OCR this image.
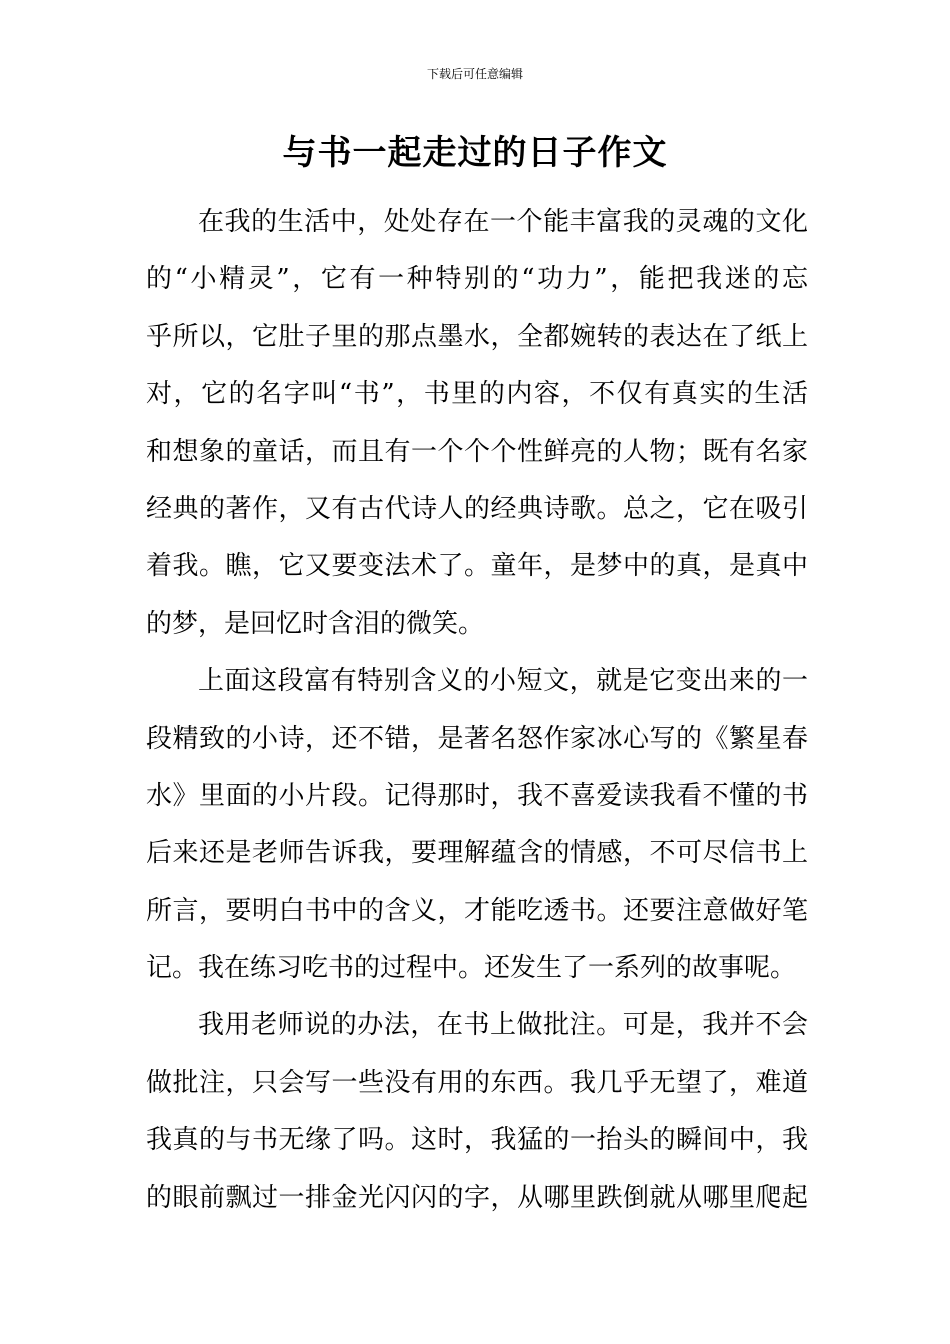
下载后可任意编辑
与书一起走过的日子作文
在我的生活中，处处存在一个能丰富我的灵魂的文化
的“小精灵”，它有一种特别的“功力”，能把我迷的忘
乎所以，它肚子里的那点墨水，全都婉转的表达在了纸上
对，它的名字叫“书”，书里的内容，不仅有真实的生活
和想象的童话，而且有一个个个性鲜亮的人物；既有名家
经典的著作，又有古代诗人的经典诗歌。总之，它在吸引
着我。瞧，它又要变法术了。童年，是梦中的真，是真中
的梦，是回忆时含泪的微笑。
上面这段富有特别含义的小短文，就是它变出来的一
段精致的小诗，还不错，是著名怒作家冰心写的《繁星春
水》里面的小片段。记得那时，我不喜爱读我看不懂的书
后来还是老师告诉我，要理解蕴含的情感，不可尽信书上
所言，要明白书中的含义，才能吃透书。还要注意做好笔
记。我在练习吃书的过程中。还发生了一系列的故事呢。
我用老师说的办法，在书上做批注。可是，我并不会
做批注，只会写一些没有用的东西。我几乎无望了，难道
我真的与书无缘了吗。这时，我猛的一抬头的瞬间中，我
的眼前飘过一排金光闪闪的字，从哪里跌倒就从哪里爬起
